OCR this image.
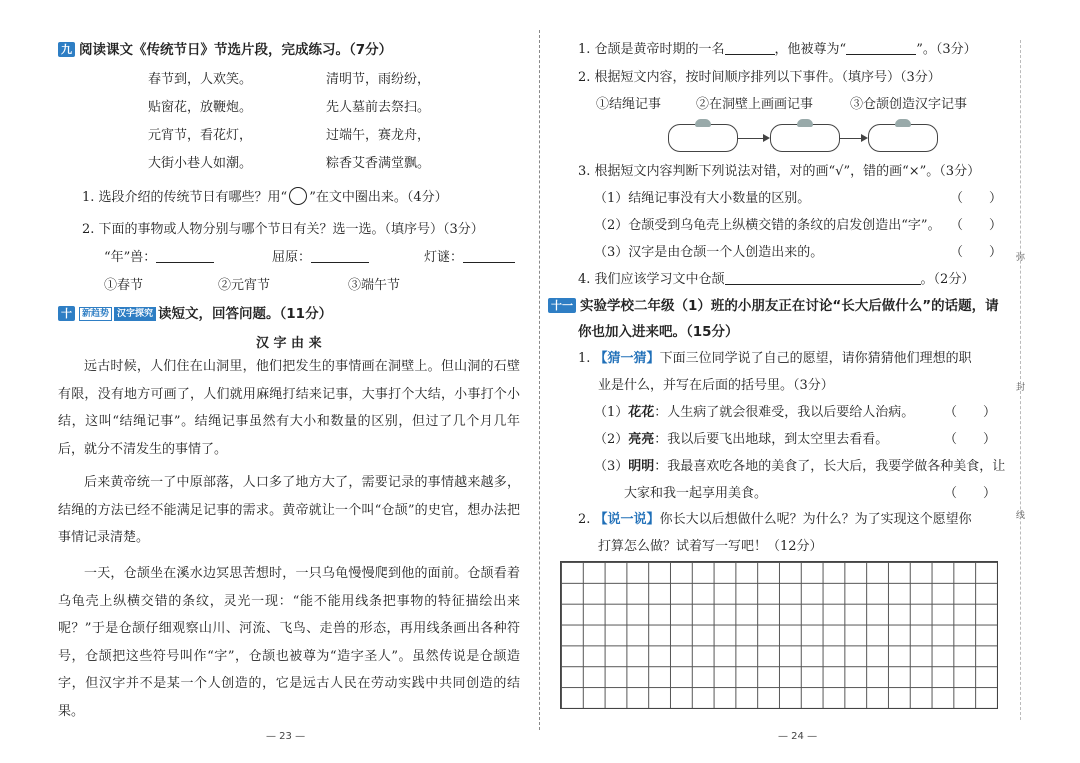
九 阅读课文《传统节日》节选片段，完成练习。（7分）
春节到，人欢笑。	清明节，雨纷纷，
贴窗花，放鞭炮。	先人墓前去祭扫。
元宵节，看花灯，	过端午，赛龙舟，
大街小巷人如潮。	粽香艾香满堂飘。
1. 选段介绍的传统节日有哪些？用“ ”在文中圈出来。（4分）
2. 下面的事物或人物分别与哪个节日有关？选一选。（填序号）（3分）
“年”兽：	屈原：	灯谜：
①春节	②元宵节	③端午节
十 新趋势 汉字探究 读短文，回答问题。（11分）
汉 字 由 来
远古时候，人们住在山洞里，他们把发生的事情画在洞壁上。但山洞的石壁有限，没有地方可画了，人们就用麻绳打结来记事，大事打个大结，小事打个小结，这叫“结绳记事”。结绳记事虽然有大小和数量的区别，但过了几个月几年后，就分不清发生的事情了。
后来黄帝统一了中原部落，人口多了地方大了，需要记录的事情越来越多，结绳的方法已经不能满足记事的需求。黄帝就让一个叫“仓颉”的史官，想办法把事情记录清楚。
一天，仓颉坐在溪水边冥思苦想时，一只乌龟慢慢爬到他的面前。仓颉看着乌龟壳上纵横交错的条纹，灵光一现：“能不能用线条把事物的特征描绘出来呢？”于是仓颉仔细观察山川、河流、飞鸟、走兽的形态，再用线条画出各种符号，仓颉把这些符号叫作“字”，仓颉也被尊为“造字圣人”。虽然传说是仓颉造字，但汉字并不是某一个人创造的，它是远古人民在劳动实践中共同创造的结果。
— 23 —
1. 仓颉是黄帝时期的一名	，他被尊为“	”。（3分）
2. 根据短文内容，按时间顺序排列以下事件。（填序号）（3分）
①结绳记事	②在洞壁上画画记事	③仓颉创造汉字记事
3. 根据短文内容判断下列说法对错，对的画“√”，错的画“×”。（3分）
（1）结绳记事没有大小数量的区别。	（　　）
（2）仓颉受到乌龟壳上纵横交错的条纹的启发创造出“字”。 （　　）
（3）汉字是由仓颉一个人创造出来的。	（　　）
4. 我们应该学习文中仓颉	。（2分）
十一 实验学校二年级（1）班的小朋友正在讨论“长大后做什么”的话题，请
你也加入进来吧。（15分）
1. 【猜一猜】下面三位同学说了自己的愿望，请你猜猜他们理想的职
业是什么，并写在后面的括号里。（3分）
（1）花花：人生病了就会很难受，我以后要给人治病。 （　　）
（2）亮亮：我以后要飞出地球，到太空里去看看。	（　　）
（3）明明：我最喜欢吃各地的美食了，长大后，我要学做各种美食，让
大家和我一起享用美食。	（　　）
2. 【说一说】你长大以后想做什么呢？为什么？为了实现这个愿望你
打算怎么做？试着写一写吧！（12分）
弥
封
线
— 24 —
